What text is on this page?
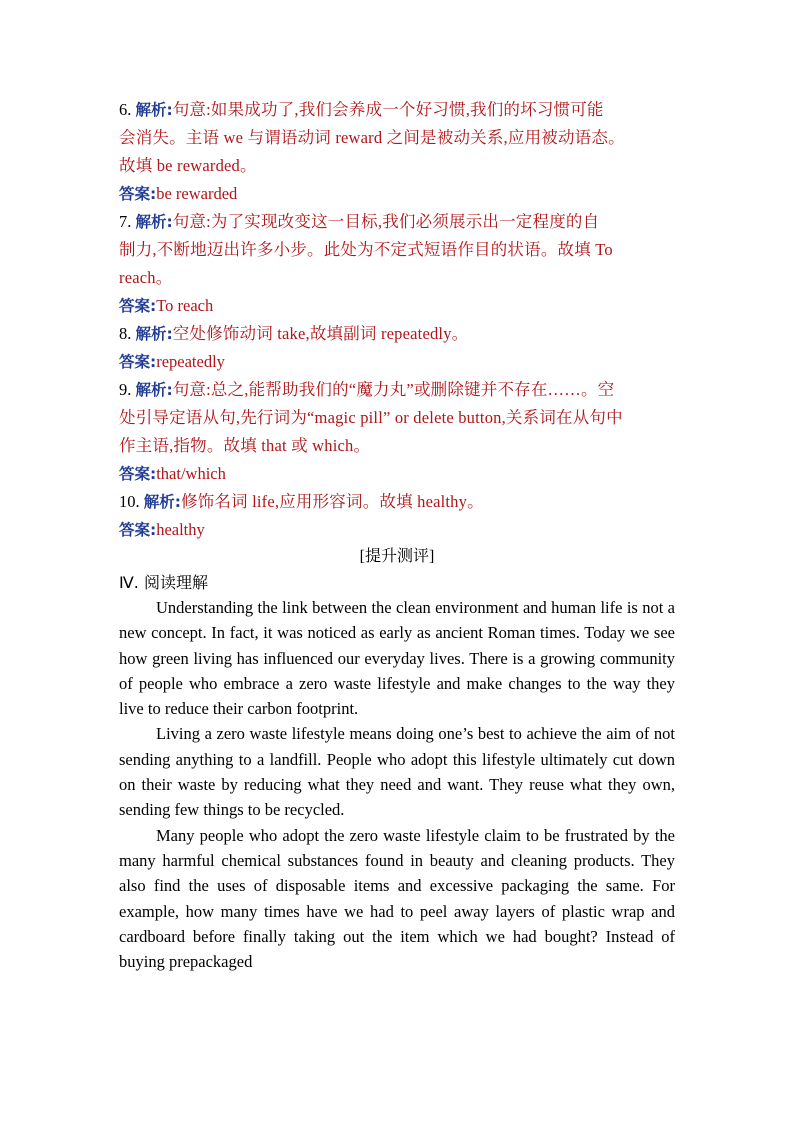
6. 解析:句意:如果成功了,我们会养成一个好习惯,我们的坏习惯可能
会消失。主语 we 与谓语动词 reward 之间是被动关系,应用被动语态。
故填 be rewarded。
答案:be rewarded
7. 解析:句意:为了实现改变这一目标,我们必须展示出一定程度的自
制力,不断地迈出许多小步。此处为不定式短语作目的状语。故填 To
reach。
答案:To reach
8. 解析:空处修饰动词 take,故填副词 repeatedly。
答案:repeatedly
9. 解析:句意:总之,能帮助我们的“魔力丸”或删除键并不存在……。空
处引导定语从句,先行词为“magic pill” or delete button,关系词在从句中
作主语,指物。故填 that 或 which。
答案:that/which
10. 解析:修饰名词 life,应用形容词。故填 healthy。
答案:healthy
[提升测评]
Ⅳ. 阅读理解

Understanding the link between the clean environment and human life is not a new concept. In fact, it was noticed as early as ancient Roman times. Today we see how green living has influenced our everyday lives. There is a growing community of people who embrace a zero waste lifestyle and make changes to the way they live to reduce their carbon footprint.

Living a zero waste lifestyle means doing one’s best to achieve the aim of not sending anything to a landfill. People who adopt this lifestyle ultimately cut down on their waste by reducing what they need and want. They reuse what they own, sending few things to be recycled.

Many people who adopt the zero waste lifestyle claim to be frustrated by the many harmful chemical substances found in beauty and cleaning products. They also find the uses of disposable items and excessive packaging the same. For example, how many times have we had to peel away layers of plastic wrap and cardboard before finally taking out the item which we had bought? Instead of buying prepackaged
